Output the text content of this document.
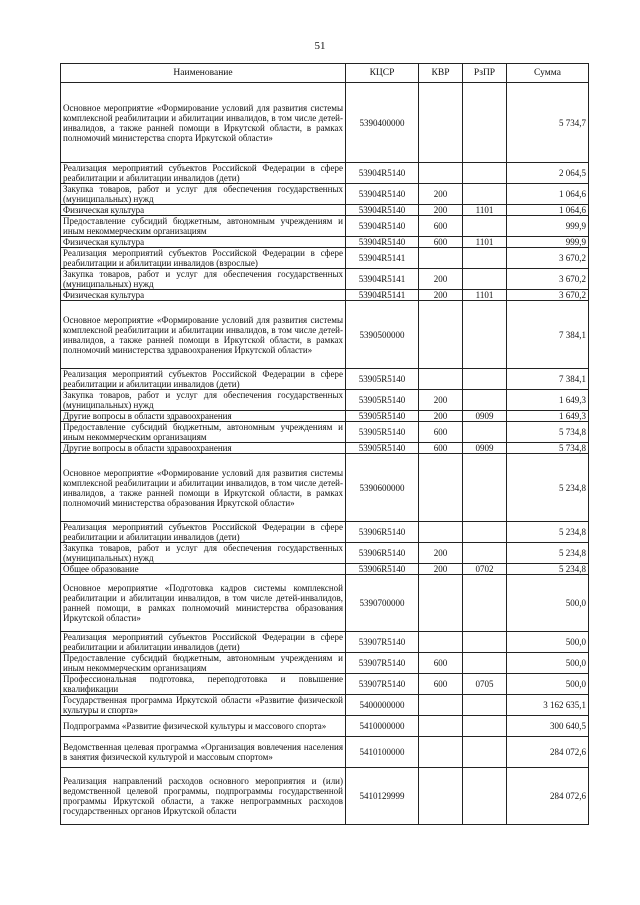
51
Наименование	КЦСР	КВР	РзПР	Сумма
Основное мероприятие «Формирование условий для развития системы комплексной реабилитации и абилитации инвалидов, в том числе детей-инвалидов, а также ранней помощи в Иркутской области, в рамках полномочий министерства спорта Иркутской области»	5390400000			5 734,7
Реализация мероприятий субъектов Российской Федерации в сфере реабилитации и абилитации инвалидов (дети)	53904R5140			2 064,5
Закупка товаров, работ и услуг для обеспечения государственных (муниципальных) нужд	53904R5140	200		1 064,6
Физическая культура	53904R5140	200	1101	1 064,6
Предоставление субсидий бюджетным, автономным учреждениям и иным некоммерческим организациям	53904R5140	600		999,9
Физическая культура	53904R5140	600	1101	999,9
Реализация мероприятий субъектов Российской Федерации в сфере реабилитации и абилитации инвалидов (взрослые)	53904R5141			3 670,2
Закупка товаров, работ и услуг для обеспечения государственных (муниципальных) нужд	53904R5141	200		3 670,2
Физическая культура	53904R5141	200	1101	3 670,2
Основное мероприятие «Формирование условий для развития системы комплексной реабилитации и абилитации инвалидов, в том числе детей-инвалидов, а также ранней помощи в Иркутской области, в рамках полномочий министерства здравоохранения Иркутской области»	5390500000			7 384,1
Реализация мероприятий субъектов Российской Федерации в сфере реабилитации и абилитации инвалидов (дети)	53905R5140			7 384,1
Закупка товаров, работ и услуг для обеспечения государственных (муниципальных) нужд	53905R5140	200		1 649,3
Другие вопросы в области здравоохранения	53905R5140	200	0909	1 649,3
Предоставление субсидий бюджетным, автономным учреждениям и иным некоммерческим организациям	53905R5140	600		5 734,8
Другие вопросы в области здравоохранения	53905R5140	600	0909	5 734,8
Основное мероприятие «Формирование условий для развития системы комплексной реабилитации и абилитации инвалидов, в том числе детей-инвалидов, а также ранней помощи в Иркутской области, в рамках полномочий министерства образования Иркутской области»	5390600000			5 234,8
Реализация мероприятий субъектов Российской Федерации в сфере реабилитации и абилитации инвалидов (дети)	53906R5140			5 234,8
Закупка товаров, работ и услуг для обеспечения государственных (муниципальных) нужд	53906R5140	200		5 234,8
Общее образование	53906R5140	200	0702	5 234,8
Основное мероприятие «Подготовка кадров системы комплексной реабилитации и абилитации инвалидов, в том числе детей-инвалидов, ранней помощи, в рамках полномочий министерства образования Иркутской области»	5390700000			500,0
Реализация мероприятий субъектов Российской Федерации в сфере реабилитации и абилитации инвалидов (дети)	53907R5140			500,0
Предоставление субсидий бюджетным, автономным учреждениям и иным некоммерческим организациям	53907R5140	600		500,0
Профессиональная подготовка, переподготовка и повышение квалификации	53907R5140	600	0705	500,0
Государственная программа Иркутской области «Развитие физической культуры и спорта»	5400000000			3 162 635,1
Подпрограмма «Развитие физической культуры и массового спорта»	5410000000			300 640,5
Ведомственная целевая программа «Организация вовлечения населения в занятия физической культурой и массовым спортом»	5410100000			284 072,6
Реализация направлений расходов основного мероприятия и (или) ведомственной целевой программы, подпрограммы государственной программы Иркутской области, а также непрограммных расходов государственных органов Иркутской области	5410129999			284 072,6
